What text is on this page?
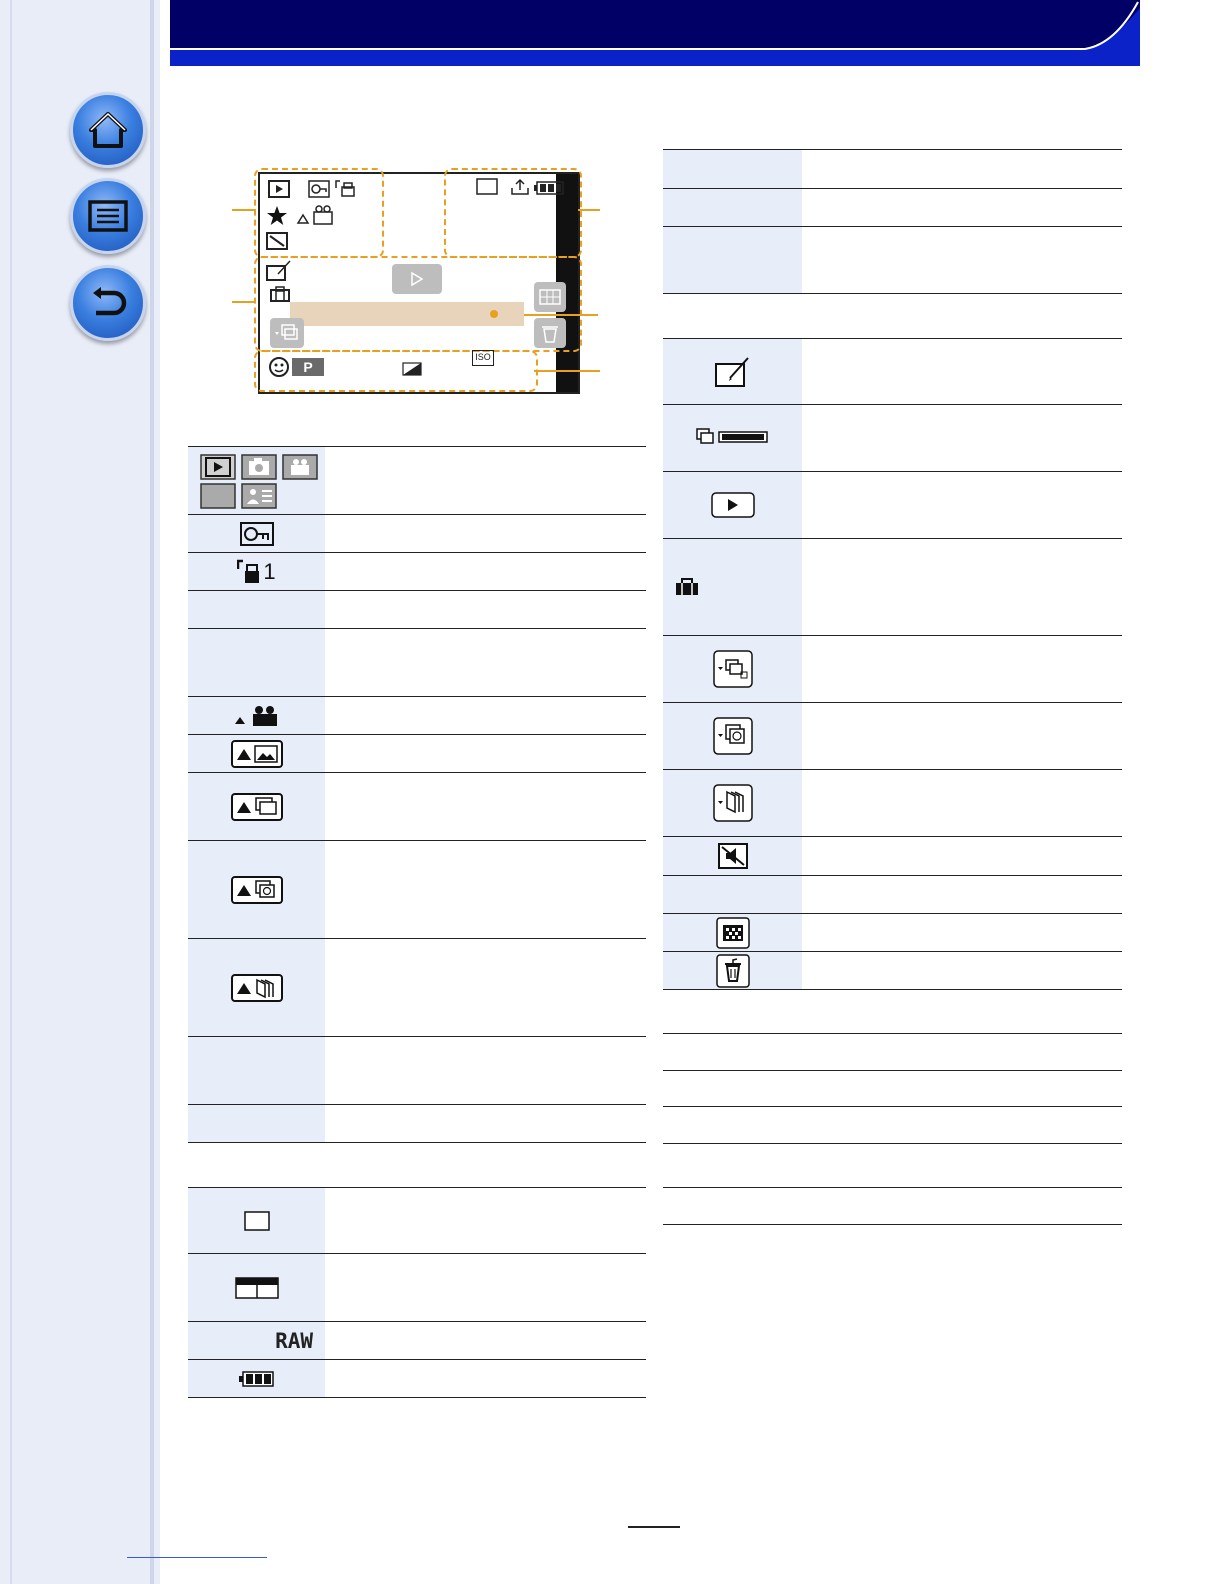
P
ISO
1
RAW
